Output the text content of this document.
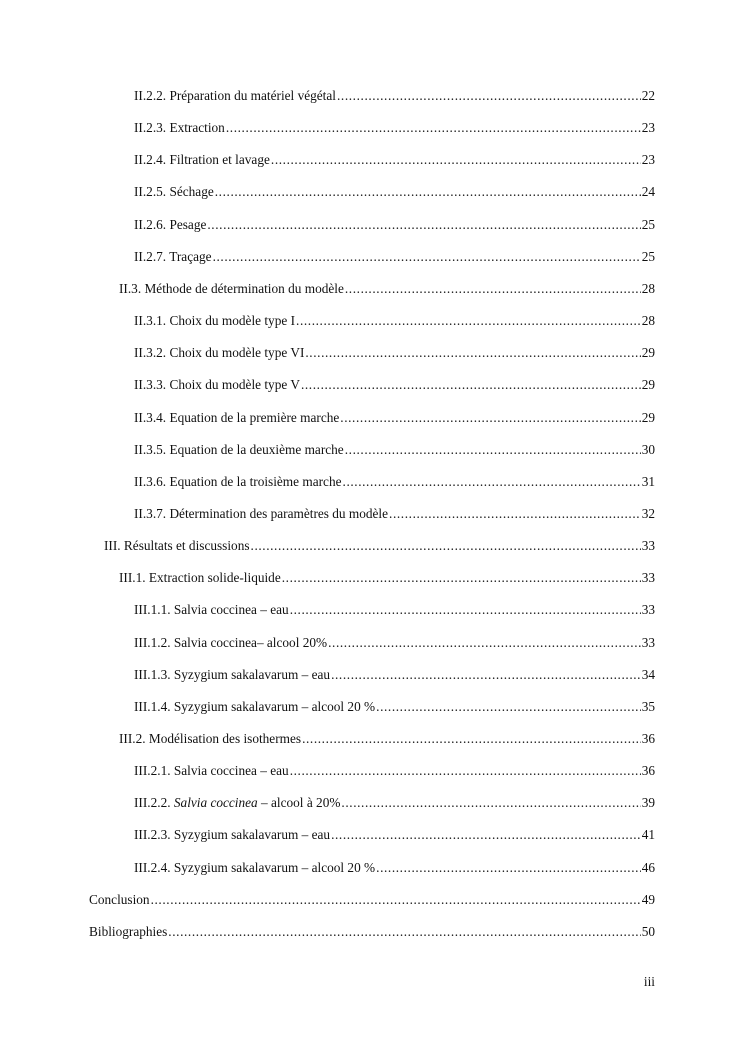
II.2.2. Préparation du matériel végétal .....	22
II.2.3. Extraction .....	23
II.2.4. Filtration et lavage .....	23
II.2.5. Séchage .....	24
II.2.6. Pesage .....	25
II.2.7. Traçage .....	25
II.3. Méthode de détermination du modèle .....	28
II.3.1. Choix du modèle type I .....	28
II.3.2. Choix du modèle type VI .....	29
II.3.3. Choix du modèle type V .....	29
II.3.4. Equation de la première marche .....	29
II.3.5. Equation de la deuxième marche .....	30
II.3.6. Equation de la troisième marche .....	31
II.3.7. Détermination des paramètres du modèle .....	32
III. Résultats et discussions .....	33
III.1. Extraction solide-liquide .....	33
III.1.1. Salvia coccinea – eau .....	33
III.1.2. Salvia coccinea– alcool 20% .....	33
III.1.3. Syzygium sakalavarum – eau .....	34
III.1.4. Syzygium sakalavarum – alcool 20 % .....	35
III.2. Modélisation des isothermes .....	36
III.2.1. Salvia coccinea – eau .....	36
III.2.2. Salvia coccinea – alcool à 20% .....	39
III.2.3. Syzygium sakalavarum – eau .....	41
III.2.4. Syzygium sakalavarum – alcool 20 % .....	46
Conclusion .....	49
Bibliographies .....	50
iii
